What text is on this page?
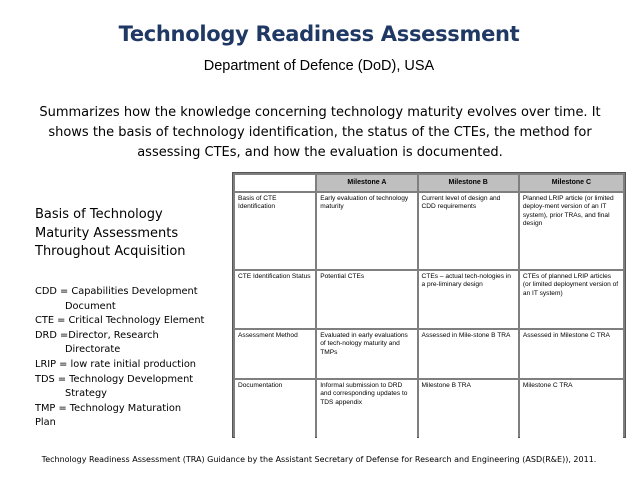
Technology Readiness Assessment
Department of Defence (DoD), USA
Summarizes how the knowledge concerning technology maturity evolves over time. It shows the basis of technology identification, the status of the CTEs, the method for assessing CTEs, and how the evaluation is documented.
Basis of Technology
Maturity Assessments
Throughout Acquisition
CDD = Capabilities Development
Document
CTE = Critical Technology Element
DRD =Director, Research
Directorate
LRIP = low rate initial production
TDS = Technology Development
Strategy
TMP = Technology Maturation
Plan
	Milestone A	Milestone B	Milestone C
Basis of CTE Identification	Early evaluation of technology maturity	Current level of design and CDD requirements	Planned LRIP article (or limited deploy-ment version of an IT system), prior TRAs, and final design
CTE Identification Status	Potential CTEs	CTEs – actual tech-nologies in a pre-liminary design	CTEs of planned LRIP articles (or limited deployment version of an IT system)
Assessment Method	Evaluated in early evaluations of tech-nology maturity and TMPs	Assessed in Mile-stone B TRA	Assessed in Milestone C TRA
Documentation	Informal submission to DRD and corresponding updates to TDS appendix	Milestone B TRA	Milestone C TRA
Technology Readiness Assessment (TRA) Guidance by the Assistant Secretary of Defense for Research and Engineering (ASD(R&E)), 2011.
